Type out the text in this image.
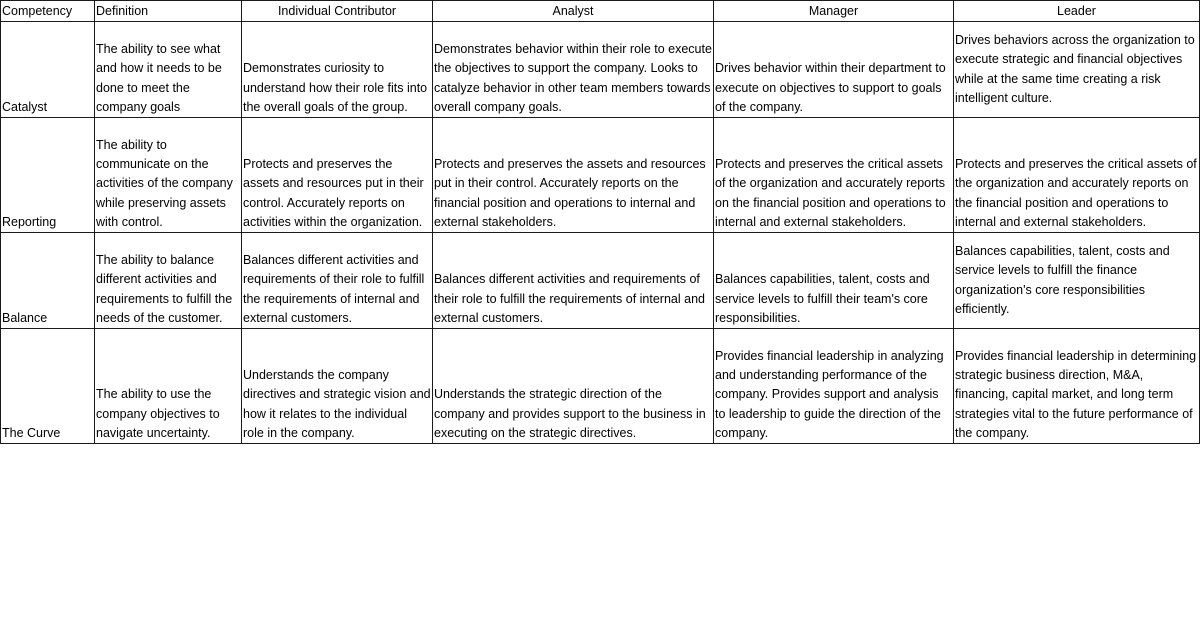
Competency	Definition	Individual Contributor	Analyst	Manager	Leader
Catalyst	The ability to see what and how it needs to be done to meet the company goals	Demonstrates curiosity to understand how their role fits into the overall goals of the group.	Demonstrates behavior within their role to execute the objectives to support the company. Looks to catalyze behavior in other team members towards overall company goals.	Drives behavior within their department to execute on objectives to support to goals of the company.	Drives behaviors across the organization to execute strategic and financial objectives while at the same time creating a risk intelligent culture.
Reporting	The ability to communicate on the activities of the company while preserving assets with control.	Protects and preserves the assets and resources put in their control. Accurately reports on activities within the organization.	Protects and preserves the assets and resources put in their control. Accurately reports on the financial position and operations to internal and external stakeholders.	Protects and preserves the critical assets of the organization and accurately reports on the financial position and operations to internal and external stakeholders.	Protects and preserves the critical assets of the organization and accurately reports on the financial position and operations to internal and external stakeholders.
Balance	The ability to balance different activities and requirements to fulfill the needs of the customer.	Balances different activities and requirements of their role to fulfill the requirements of internal and external customers.	Balances different activities and requirements of their role to fulfill the requirements of internal and external customers.	Balances capabilities, talent, costs and service levels to fulfill their team's core responsibilities.	Balances capabilities, talent, costs and service levels to fulfill the finance organization's core responsibilities efficiently.
The Curve	The ability to use the company objectives to navigate uncertainty.	Understands the company directives and strategic vision and how it relates to the individual role in the company.	Understands the strategic direction of the company and provides support to the business in executing on the strategic directives.	Provides financial leadership in analyzing and understanding performance of the company. Provides support and analysis to leadership to guide the direction of the company.	Provides financial leadership in determining strategic business direction, M&A, financing, capital market, and long term strategies vital to the future performance of the company.
